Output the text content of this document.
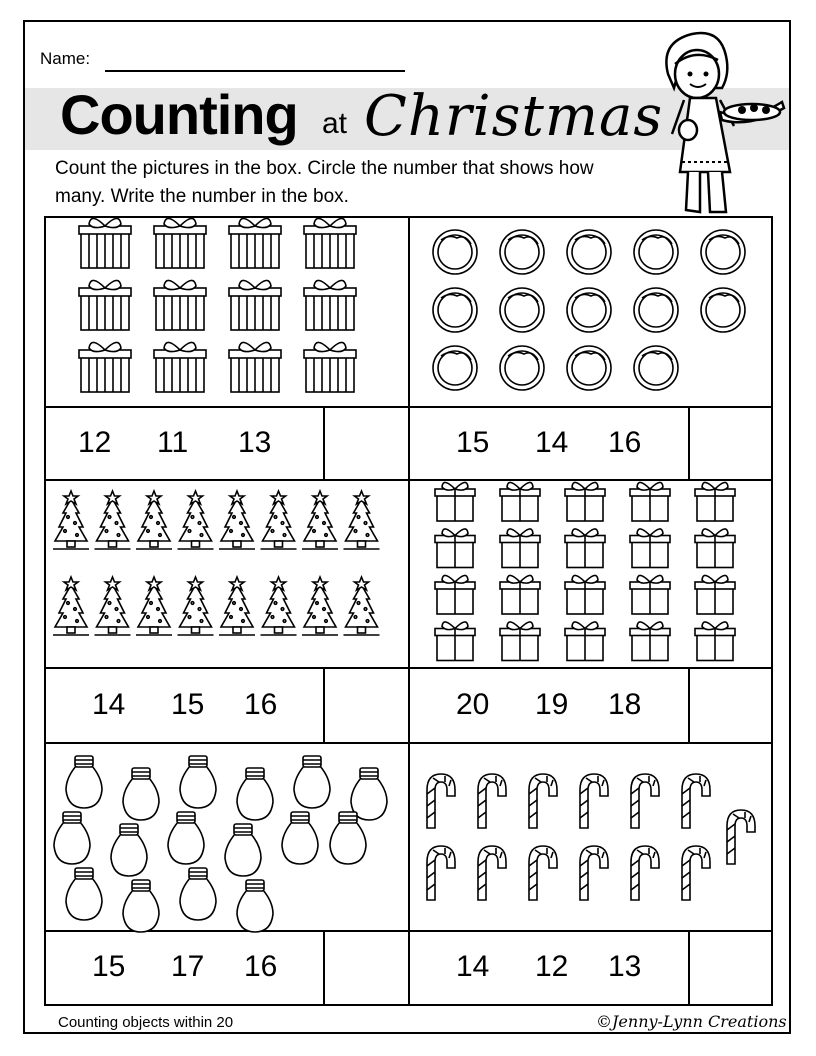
Name:
Counting at Christmas
Count the pictures in the box. Circle the number that shows how many. Write the number in the box.
12 11 13	15 14 16
14 15 16	20 19 18
15 17 16	14 12 13
Counting objects within 20	©Jenny-Lynn Creations
